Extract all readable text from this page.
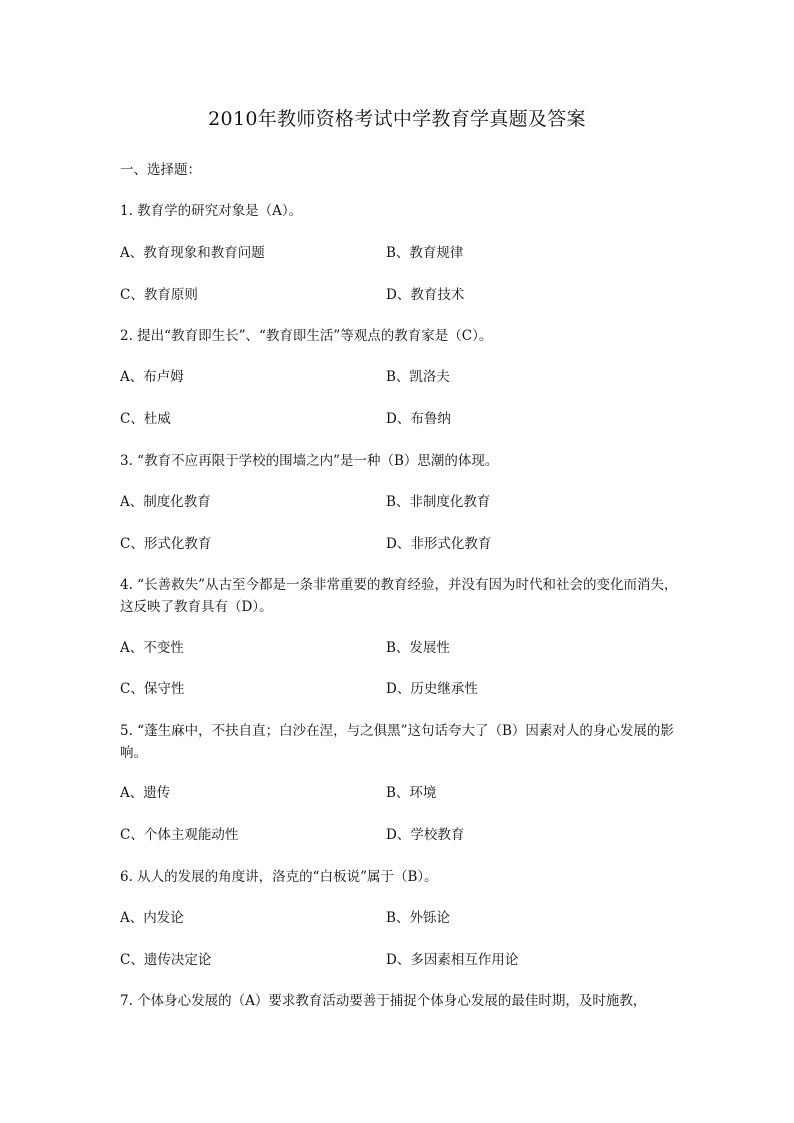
2010年教师资格考试中学教育学真题及答案
一、选择题：
1. 教育学的研究对象是（A）。
A、教育现象和教育问题	B、教育规律
C、教育原则	D、教育技术
2. 提出“教育即生长”、“教育即生活”等观点的教育家是（C）。
A、布卢姆	B、凯洛夫
C、杜威	D、布鲁纳
3. “教育不应再限于学校的围墙之内”是一种（B）思潮的体现。
A、制度化教育	B、非制度化教育
C、形式化教育	D、非形式化教育
4. “长善救失”从古至今都是一条非常重要的教育经验，并没有因为时代和社会的变化而消失，这反映了教育具有（D）。
A、不变性	B、发展性
C、保守性	D、历史继承性
5. “蓬生麻中，不扶自直；白沙在涅，与之俱黑”这句话夸大了（B）因素对人的身心发展的影响。
A、遗传	B、环境
C、个体主观能动性	D、学校教育
6. 从人的发展的角度讲，洛克的“白板说”属于（B）。
A、内发论	B、外铄论
C、遗传决定论	D、多因素相互作用论
7. 个体身心发展的（A）要求教育活动要善于捕捉个体身心发展的最佳时期，及时施教，
